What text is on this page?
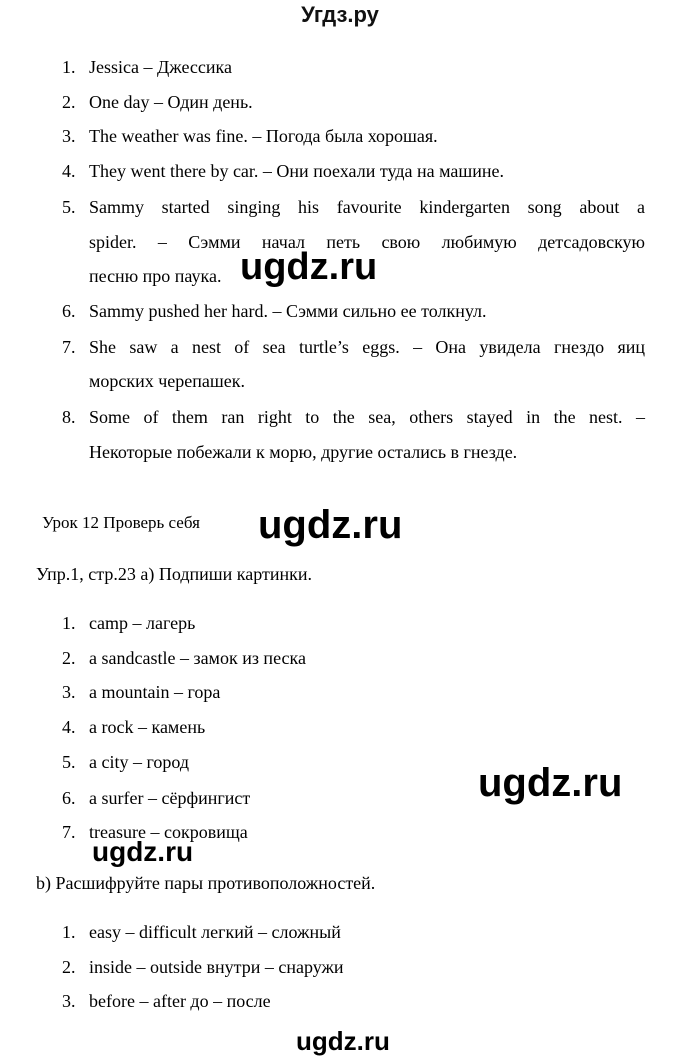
Угдз.ру
1. Jessica – Джессика
2. One day – Один день.
3. The weather was fine. – Погода была хорошая.
4. They went there by car. – Они поехали туда на машине.
5. Sammy started singing his favourite kindergarten song about a
spider. – Сэмми начал петь свою любимую детсадовскую
песню про паука.
6. Sammy pushed her hard. – Сэмми сильно ее толкнул.
7. She saw a nest of sea turtle’s eggs. – Она увидела гнездо яиц
морских черепашек.
8. Some of them ran right to the sea, others stayed in the nest. –
Некоторые побежали к морю, другие остались в гнезде.
Урок 12 Проверь себя
Упр.1, стр.23 а) Подпиши картинки.
1. camp – лагерь
2. a sandcastle – замок из песка
3. a mountain – гора
4. a rock – камень
5. a city – город
6. a surfer – сёрфингист
7. treasure – сокровища
b) Расшифруйте пары противоположностей.
1. easy – difficult легкий – сложный
2. inside – outside внутри – снаружи
3. before – after до – после
ugdz.ru
ugdz.ru
ugdz.ru
ugdz.ru
ugdz.ru
